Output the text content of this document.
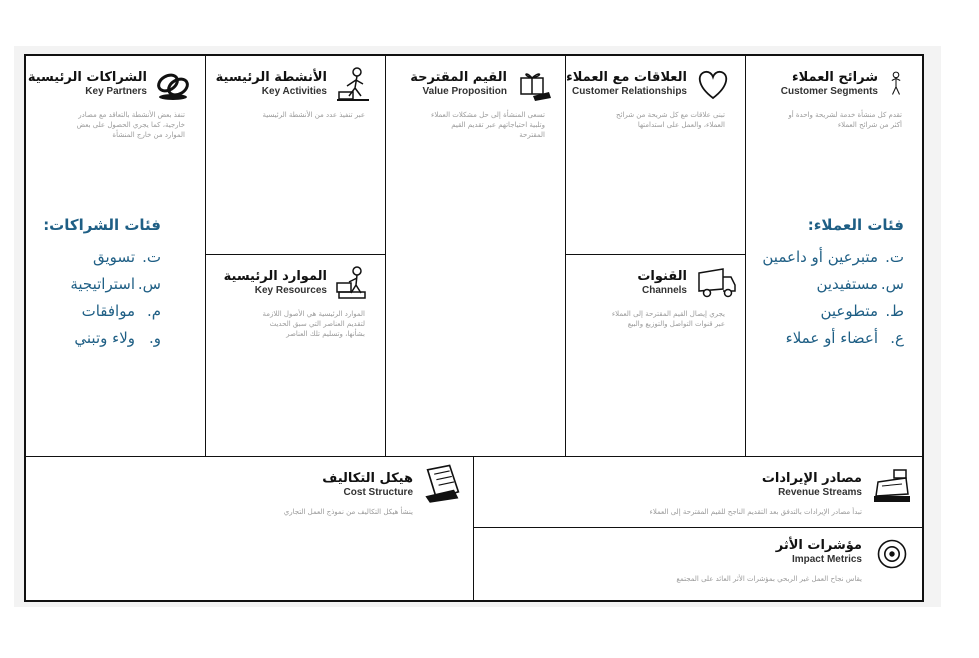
الشراكات الرئيسية
Key Partners
تنفذ بعض الأنشطة بالتعاقد مع مصادر خارجية، كما يجري الحصول على بعض الموارد من خارج المنشأة
فئات الشراكات:
ت.تسويق
س.استراتيجية
م.موافقات
و.ولاء وتبني
الأنشطة الرئيسية
Key Activities
عبر تنفيذ عدد من الأنشطة الرئيسية
الموارد الرئيسية
Key Resources
الموارد الرئيسية هي الأصول اللازمة لتقديم العناصر التي سبق الحديث بشأنها، وتسليم تلك العناصر
القيم المقترحة
Value Proposition
تسعى المنشأة إلى حل مشكلات العملاء وتلبية احتياجاتهم عبر تقديم القيم المقترحة
العلاقات مع العملاء
Customer Relationships
تبنى علاقات مع كل شريحة من شرائح العملاء، والعمل على استدامتها
القنوات
Channels
يجري إيصال القيم المقترحة إلى العملاء عبر قنوات التواصل والتوزيع والبيع
شرائح العملاء
Customer Segments
تقدم كل منشأة خدمة لشريحة واحدة أو أكثر من شرائح العملاء
فئات العملاء:
ت.متبرعين أو داعمين
س.مستفيدين
ط.متطوعين
ع.أعضاء أو عملاء
هيكل التكاليف
Cost Structure
ينشأ هيكل التكاليف من نموذج العمل التجاري
مصادر الإيرادات
Revenue Streams
تبدأ مصادر الإيرادات بالتدفق بعد التقديم الناجح للقيم المقترحة إلى العملاء
مؤشرات الأثر
Impact Metrics
يقاس نجاح العمل غير الربحي بمؤشرات الأثر العائد على المجتمع
